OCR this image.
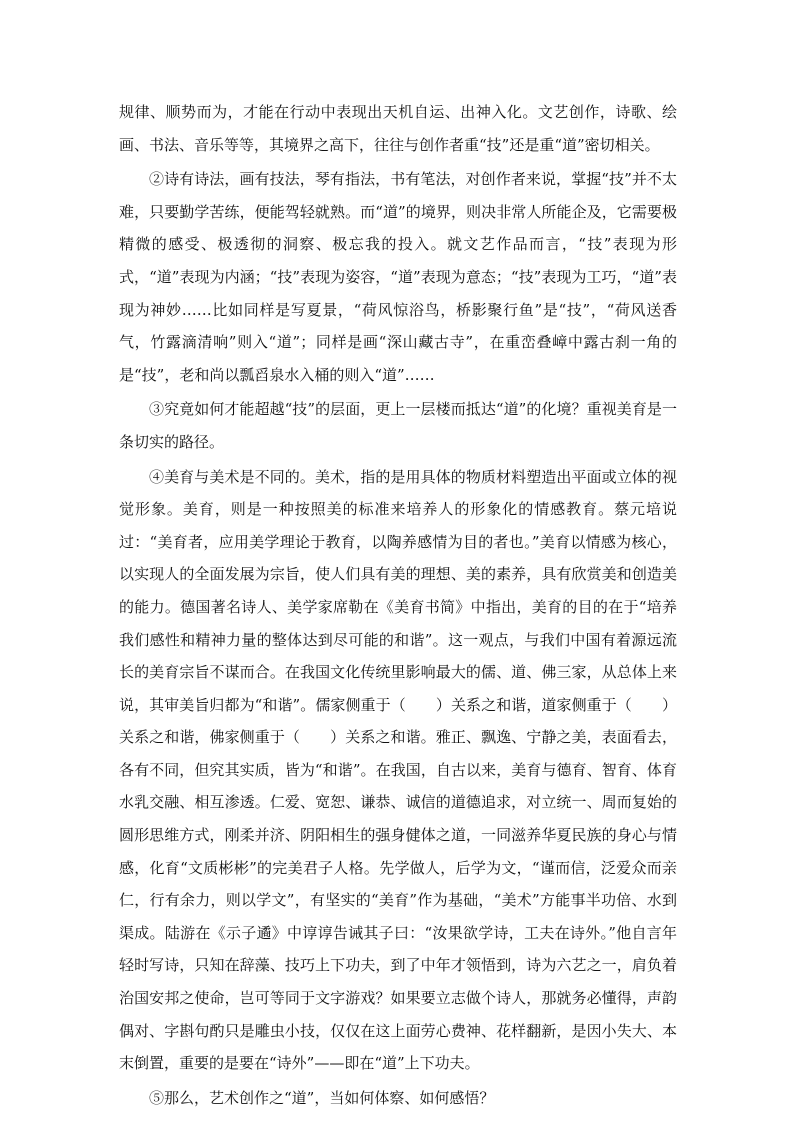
规律、顺势而为，才能在行动中表现出天机自运、出神入化。文艺创作，诗歌、绘画、书法、音乐等等，其境界之高下，往往与创作者重“技”还是重“道”密切相关。

②诗有诗法，画有技法，琴有指法，书有笔法，对创作者来说，掌握“技”并不太难，只要勤学苦练，便能驾轻就熟。而“道”的境界，则决非常人所能企及，它需要极精微的感受、极透彻的洞察、极忘我的投入。就文艺作品而言，“技”表现为形式，“道”表现为内涵；“技”表现为姿容，“道”表现为意态；“技”表现为工巧，“道”表现为神妙……比如同样是写夏景，“荷风惊浴鸟，桥影聚行鱼”是“技”，“荷风送香气，竹露滴清响”则入“道”；同样是画“深山藏古寺”，在重峦叠嶂中露古刹一角的是“技”，老和尚以瓢舀泉水入桶的则入“道”……

③究竟如何才能超越“技”的层面，更上一层楼而抵达“道”的化境？重视美育是一条切实的路径。

④美育与美术是不同的。美术，指的是用具体的物质材料塑造出平面或立体的视觉形象。美育，则是一种按照美的标准来培养人的形象化的情感教育。蔡元培说过：“美育者，应用美学理论于教育，以陶养感情为目的者也。”美育以情感为核心，以实现人的全面发展为宗旨，使人们具有美的理想、美的素养，具有欣赏美和创造美的能力。德国著名诗人、美学家席勒在《美育书简》中指出，美育的目的在于“培养我们感性和精神力量的整体达到尽可能的和谐”。这一观点，与我们中国有着源远流长的美育宗旨不谋而合。在我国文化传统里影响最大的儒、道、佛三家，从总体上来说，其审美旨归都为“和谐”。儒家侧重于（　　）关系之和谐，道家侧重于（　　）关系之和谐，佛家侧重于（　　）关系之和谐。雅正、飘逸、宁静之美，表面看去，各有不同，但究其实质，皆为“和谐”。在我国，自古以来，美育与德育、智育、体育水乳交融、相互渗透。仁爱、宽恕、谦恭、诚信的道德追求，对立统一、周而复始的圆形思维方式，刚柔并济、阴阳相生的强身健体之道，一同滋养华夏民族的身心与情感，化育“文质彬彬”的完美君子人格。先学做人，后学为文，“谨而信，泛爱众而亲仁，行有余力，则以学文”，有坚实的“美育”作为基础，“美术”方能事半功倍、水到渠成。陆游在《示子遹》中谆谆告诫其子曰：“汝果欲学诗，工夫在诗外。”他自言年轻时写诗，只知在辞藻、技巧上下功夫，到了中年才领悟到，诗为六艺之一，肩负着治国安邦之使命，岂可等同于文字游戏？如果要立志做个诗人，那就务必懂得，声韵偶对、字斟句酌只是雕虫小技，仅仅在这上面劳心费神、花样翻新，是因小失大、本末倒置，重要的是要在“诗外”——即在“道”上下功夫。

⑤那么，艺术创作之“道”，当如何体察、如何感悟？
